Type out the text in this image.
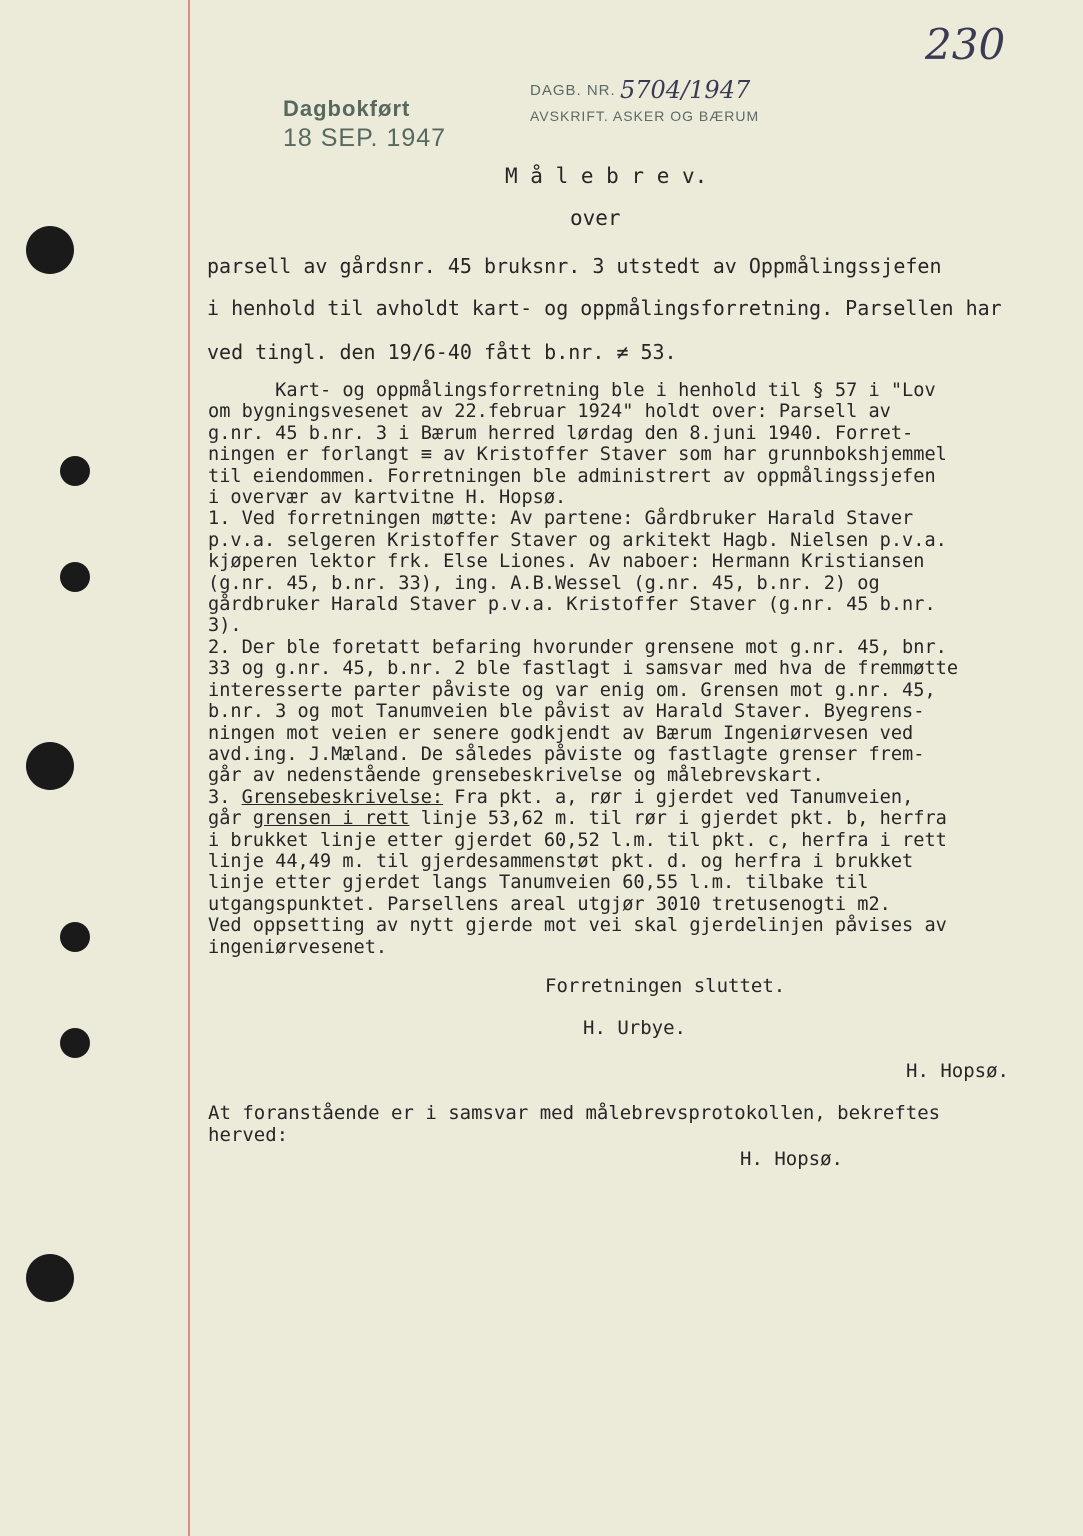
230
Dagbokført
18 SEP. 1947
DAGB. NR. 5704/1947
AVSKRIFT. ASKER OG BÆRUM
M å l e b r e v.
over
parsell av gårdsnr. 45 bruksnr. 3 utstedt av Oppmålingssjefen
i henhold til avholdt kart- og oppmålingsforretning. Parsellen har
ved tingl. den 19/6-40 fått b.nr. ≠ 53.
Kart- og oppmålingsforretning ble i henhold til § 57 i "Lov
om bygningsvesenet av 22.februar 1924" holdt over: Parsell av
g.nr. 45 b.nr. 3 i Bærum herred lørdag den 8.juni 1940. Forret-
ningen er forlangt ≡ av Kristoffer Staver som har grunnbokshjemmel
til eiendommen. Forretningen ble administrert av oppmålingssjefen
i overvær av kartvitne H. Hopsø.
1. Ved forretningen møtte: Av partene: Gårdbruker Harald Staver
p.v.a. selgeren Kristoffer Staver og arkitekt Hagb. Nielsen p.v.a.
kjøperen lektor frk. Else Liones. Av naboer: Hermann Kristiansen
(g.nr. 45, b.nr. 33), ing. A.B.Wessel (g.nr. 45, b.nr. 2) og
gårdbruker Harald Staver p.v.a. Kristoffer Staver (g.nr. 45 b.nr.
3).
2. Der ble foretatt befaring hvorunder grensene mot g.nr. 45, bnr.
33 og g.nr. 45, b.nr. 2 ble fastlagt i samsvar med hva de fremmøtte
interesserte parter påviste og var enig om. Grensen mot g.nr. 45,
b.nr. 3 og mot Tanumveien ble påvist av Harald Staver. Byegrens-
ningen mot veien er senere godkjendt av Bærum Ingeniørvesen ved
avd.ing. J.Mæland. De således påviste og fastlagte grenser frem-
går av nedenstående grensebeskrivelse og målebrevskart.
3. Grensebeskrivelse: Fra pkt. a, rør i gjerdet ved Tanumveien,
går grensen i rett linje 53,62 m. til rør i gjerdet pkt. b, herfra
i brukket linje etter gjerdet 60,52 l.m. til pkt. c, herfra i rett
linje 44,49 m. til gjerdesammenstøt pkt. d. og herfra i brukket
linje etter gjerdet langs Tanumveien 60,55 l.m. tilbake til
utgangspunktet. Parsellens areal utgjør 3010 tretusenogti m2.
Ved oppsetting av nytt gjerde mot vei skal gjerdelinjen påvises av
ingeniørvesenet.
Forretningen sluttet.
H. Urbye.
H. Hopsø.
At foranstående er i samsvar med målebrevsprotokollen, bekreftes
herved:
H. Hopsø.
